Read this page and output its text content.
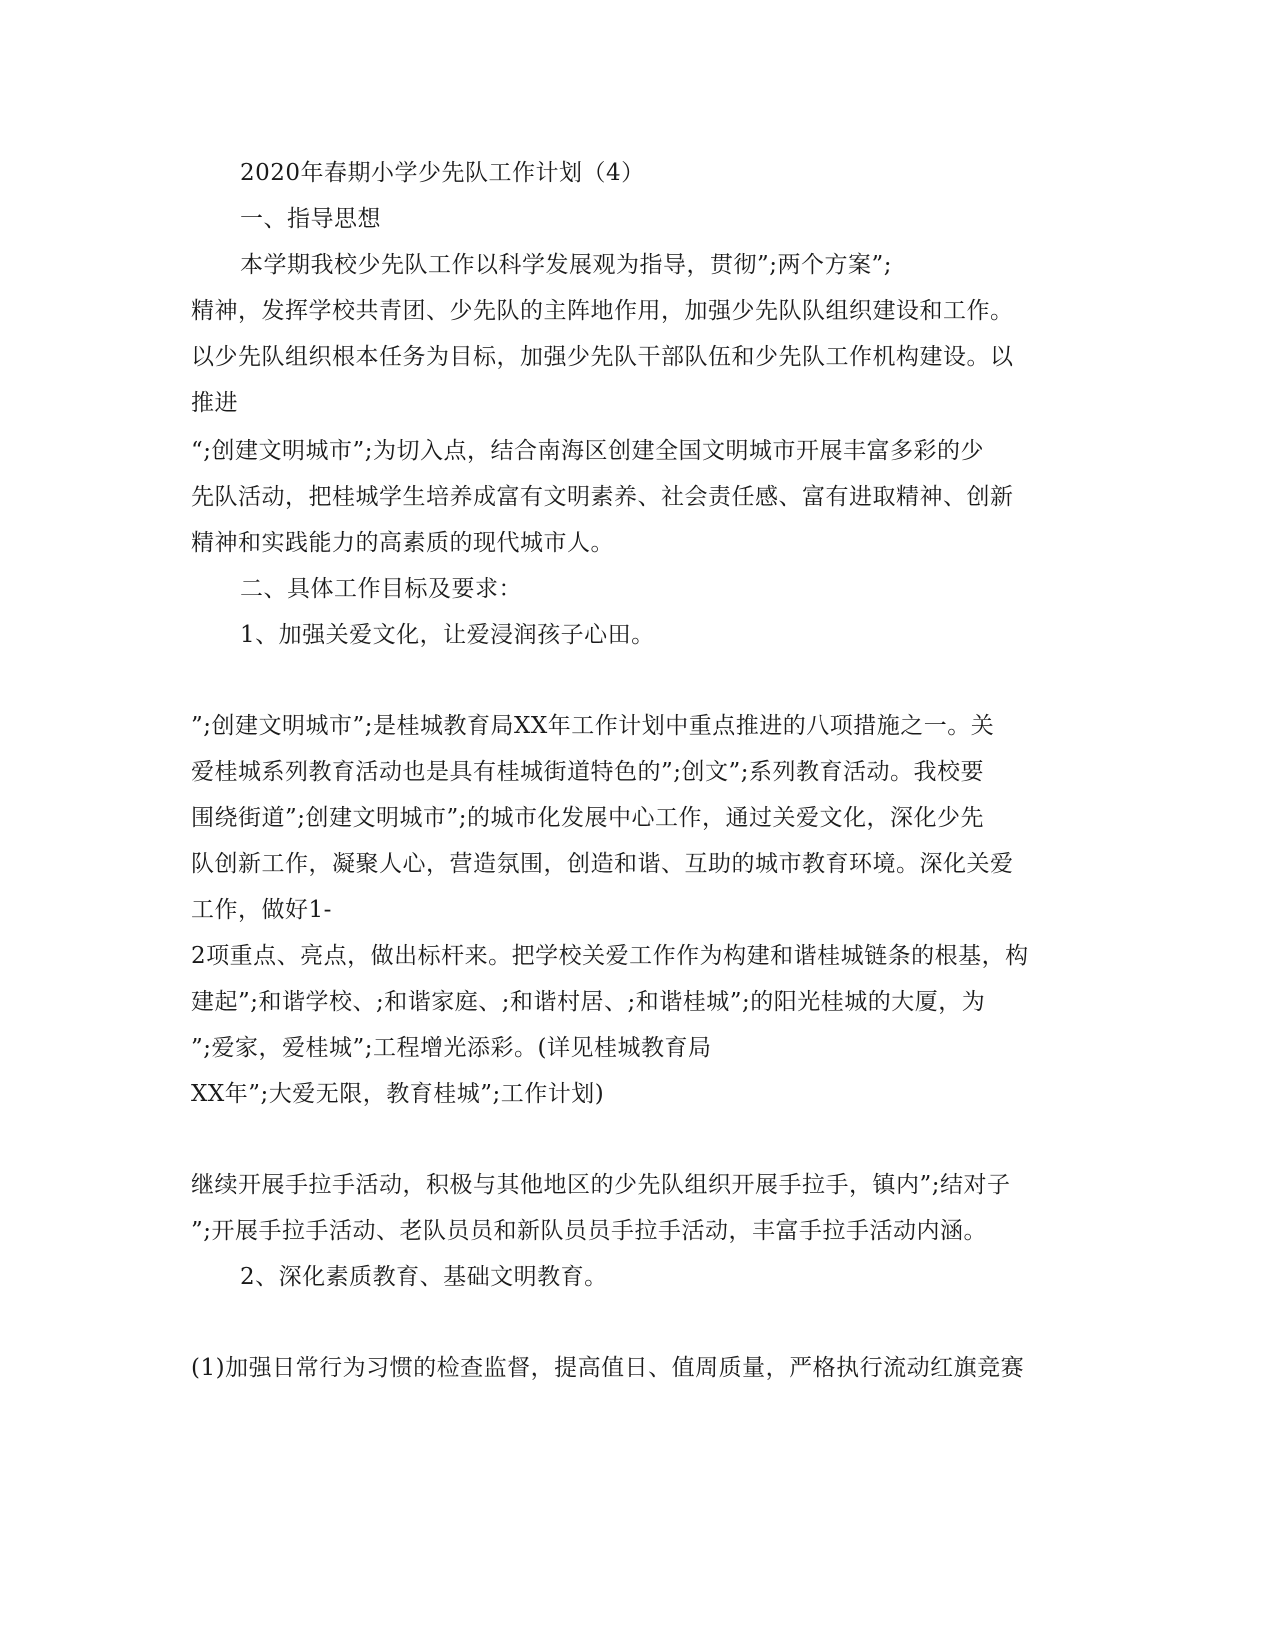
2020年春期小学少先队工作计划（4）

一、指导思想

本学期我校少先队工作以科学发展观为指导，贯彻”;两个方案”;

精神，发挥学校共青团、少先队的主阵地作用，加强少先队队组织建设和工作。

以少先队组织根本任务为目标，加强少先队干部队伍和少先队工作机构建设。以

推进

“;创建文明城市”;为切入点，结合南海区创建全国文明城市开展丰富多彩的少

先队活动，把桂城学生培养成富有文明素养、社会责任感、富有进取精神、创新

精神和实践能力的高素质的现代城市人。

二、具体工作目标及要求：

1、加强关爱文化，让爱浸润孩子心田。

”;创建文明城市”;是桂城教育局XX年工作计划中重点推进的八项措施之一。关

爱桂城系列教育活动也是具有桂城街道特色的”;创文”;系列教育活动。我校要

围绕街道”;创建文明城市”;的城市化发展中心工作，通过关爱文化，深化少先

队创新工作，凝聚人心，营造氛围，创造和谐、互助的城市教育环境。深化关爱

工作，做好1-

2项重点、亮点，做出标杆来。把学校关爱工作作为构建和谐桂城链条的根基，构

建起”;和谐学校、;和谐家庭、;和谐村居、;和谐桂城”;的阳光桂城的大厦，为

”;爱家，爱桂城”;工程增光添彩。(详见桂城教育局

XX年”;大爱无限，教育桂城”;工作计划)

继续开展手拉手活动，积极与其他地区的少先队组织开展手拉手，镇内”;结对子

”;开展手拉手活动、老队员员和新队员员手拉手活动，丰富手拉手活动内涵。

2、深化素质教育、基础文明教育。

(1)加强日常行为习惯的检查监督，提高值日、值周质量，严格执行流动红旗竞赛
